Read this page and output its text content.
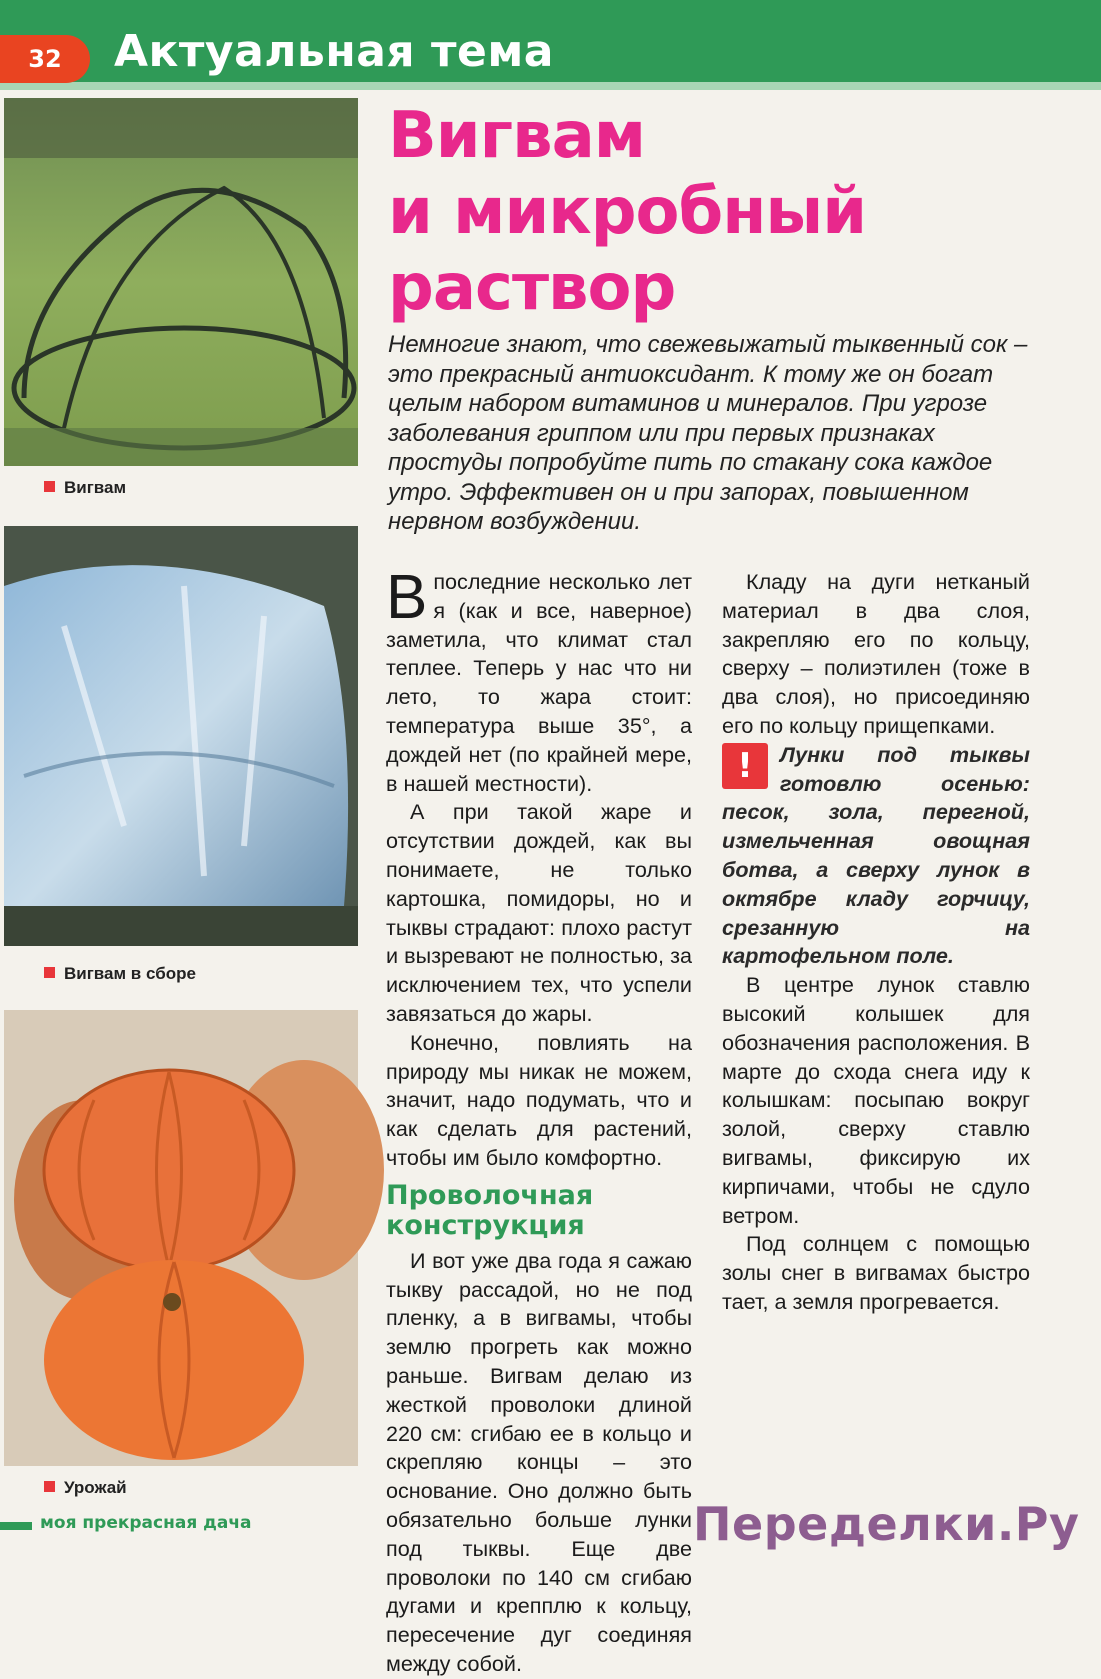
32	Актуальная тема
Вигвам
Вигвам в сборе
Урожай
Вигвам
и микробный
раствор
Немногие знают, что свежевыжатый тыквенный сок – это прекрасный антиоксидант. К тому же он богат целым набором витаминов и минералов. При угрозе заболевания гриппом или при первых признаках простуды попробуйте пить по стакану сока каждое утро. Эффективен он и при запорах, повышенном нервном возбуждении.

Впоследние несколько лет я (как и все, наверное) заметила, что климат стал теплее. Теперь у нас что ни лето, то жара стоит: температура выше 35°, а дождей нет (по крайней мере, в нашей местности).

А при такой жаре и отсутствии дождей, как вы понимаете, не только картошка, помидоры, но и тыквы страдают: плохо растут и вызревают не полностью, за исключением тех, что успели завязаться до жары.

Конечно, повлиять на природу мы никак не можем, значит, надо подумать, что и как сделать для растений, чтобы им было комфортно.

Проволочная конструкция

И вот уже два года я сажаю тыкву рассадой, но не под пленку, а в вигвамы, чтобы землю прогреть как можно раньше. Вигвам делаю из жесткой проволоки длиной 220 см: сгибаю ее в кольцо и скрепляю концы – это основание. Оно должно быть обязательно больше лунки под тыквы. Еще две проволоки по 140 см сгибаю дугами и крепплю к кольцу, пересечение дуг соединяя между собой.

Кладу на дуги нетканый материал в два слоя, закрепляю его по кольцу, сверху – полиэтилен (тоже в два слоя), но присоединяю его по кольцу прищепками.

!	Лунки под тыквы готовлю осенью: песок, зола, перегной, измельченная овощная ботва, а сверху лунок в октябре кладу горчицу, срезанную на картофельном поле.

В центре лунок ставлю высокий колышек для обозначения расположения. В марте до схода снега иду к колышкам: посыпаю вокруг золой, сверху ставлю вигвамы, фиксирую их кирпичами, чтобы не сдуло ветром.

Под солнцем с помощью золы снег в вигвамах быстро тает, а земля прогревается.

моя прекрасная дача	Переделки.Ру
